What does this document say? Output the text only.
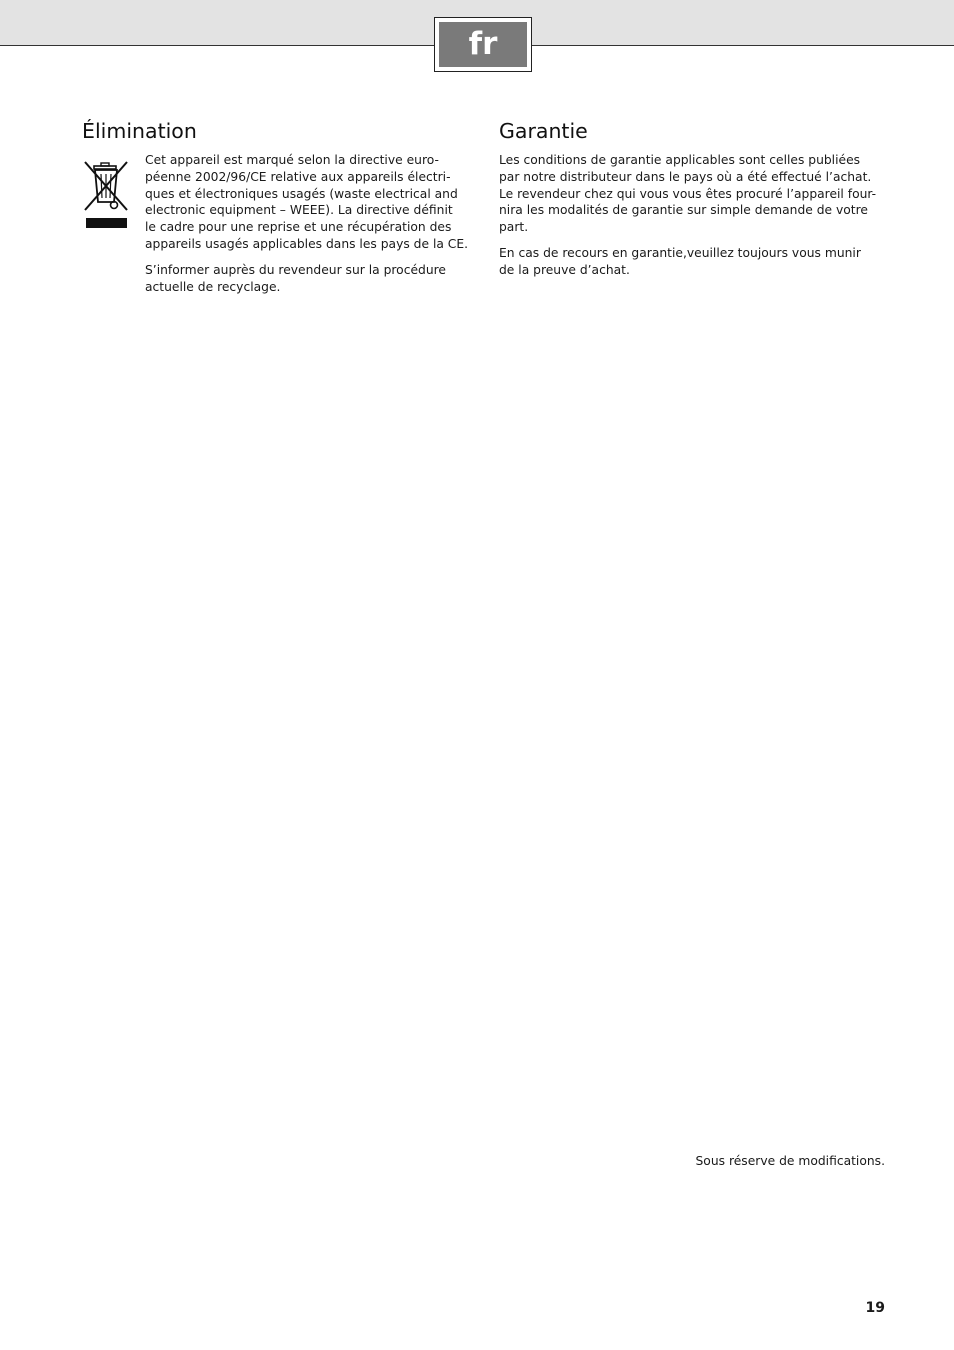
fr
Élimination
Cet appareil est marqué selon la directive euro-
péenne 2002/96/CE relative aux appareils électri-
ques et électroniques usagés (waste electrical and
electronic equipment – WEEE). La directive définit
le cadre pour une reprise et une récupération des
appareils usagés applicables dans les pays de la CE.
S’informer auprès du revendeur sur la procédure
actuelle de recyclage.
Garantie
Les conditions de garantie applicables sont celles publiées
par notre distributeur dans le pays où a été effectué l’achat.
Le revendeur chez qui vous vous êtes procuré l’appareil four-
nira les modalités de garantie sur simple demande de votre
part.
En cas de recours en garantie,veuillez toujours vous munir
de la preuve d’achat.

Sous réserve de modifications.

19
